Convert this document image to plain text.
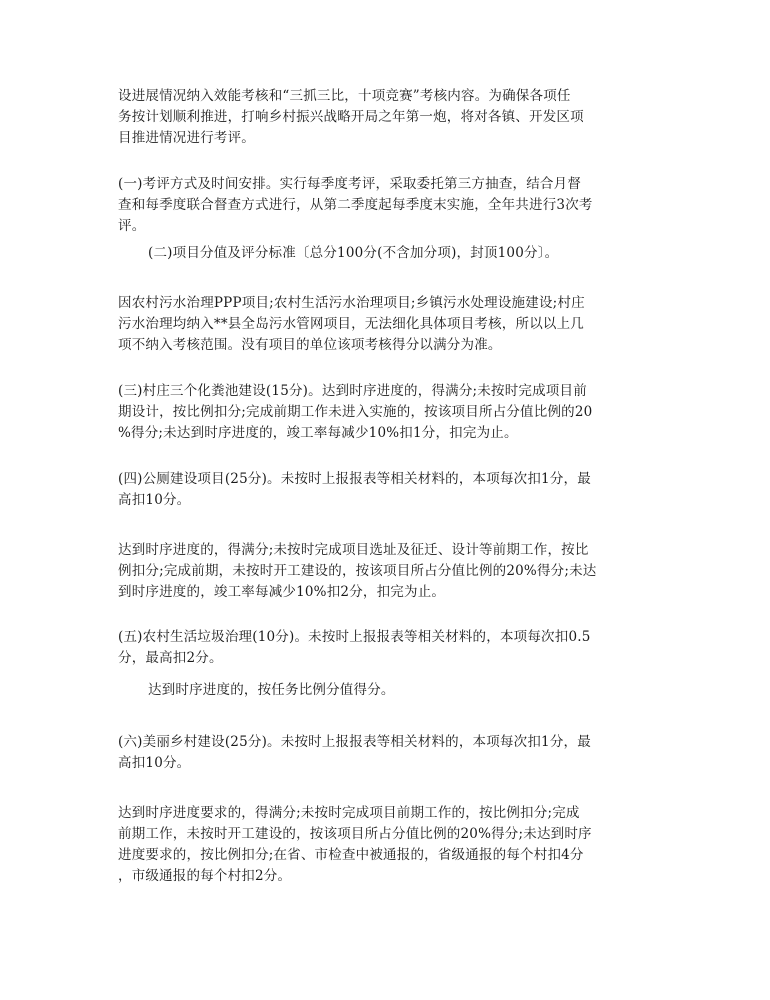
设进展情况纳入效能考核和“三抓三比，十项竞赛”考核内容。为确保各项任
务按计划顺利推进，打响乡村振兴战略开局之年第一炮，将对各镇、开发区项
目推进情况进行考评。
(一)考评方式及时间安排。实行每季度考评，采取委托第三方抽查，结合月督
查和每季度联合督查方式进行，从第二季度起每季度末实施，全年共进行3次考
评。
(二)项目分值及评分标准〔总分100分(不含加分项)，封顶100分〕。
因农村污水治理PPP项目;农村生活污水治理项目;乡镇污水处理设施建设;村庄
污水治理均纳入**县全岛污水管网项目，无法细化具体项目考核，所以以上几
项不纳入考核范围。没有项目的单位该项考核得分以满分为准。
(三)村庄三个化粪池建设(15分)。达到时序进度的，得满分;未按时完成项目前
期设计，按比例扣分;完成前期工作未进入实施的，按该项目所占分值比例的20
%得分;未达到时序进度的，竣工率每减少10%扣1分，扣完为止。
(四)公厕建设项目(25分)。未按时上报报表等相关材料的，本项每次扣1分，最
高扣10分。
达到时序进度的，得满分;未按时完成项目选址及征迁、设计等前期工作，按比
例扣分;完成前期，未按时开工建设的，按该项目所占分值比例的20%得分;未达
到时序进度的，竣工率每减少10%扣2分，扣完为止。
(五)农村生活垃圾治理(10分)。未按时上报报表等相关材料的，本项每次扣0.5
分，最高扣2分。
达到时序进度的，按任务比例分值得分。
(六)美丽乡村建设(25分)。未按时上报报表等相关材料的，本项每次扣1分，最
高扣10分。
达到时序进度要求的，得满分;未按时完成项目前期工作的，按比例扣分;完成
前期工作，未按时开工建设的，按该项目所占分值比例的20%得分;未达到时序
进度要求的，按比例扣分;在省、市检查中被通报的，省级通报的每个村扣4分
，市级通报的每个村扣2分。
